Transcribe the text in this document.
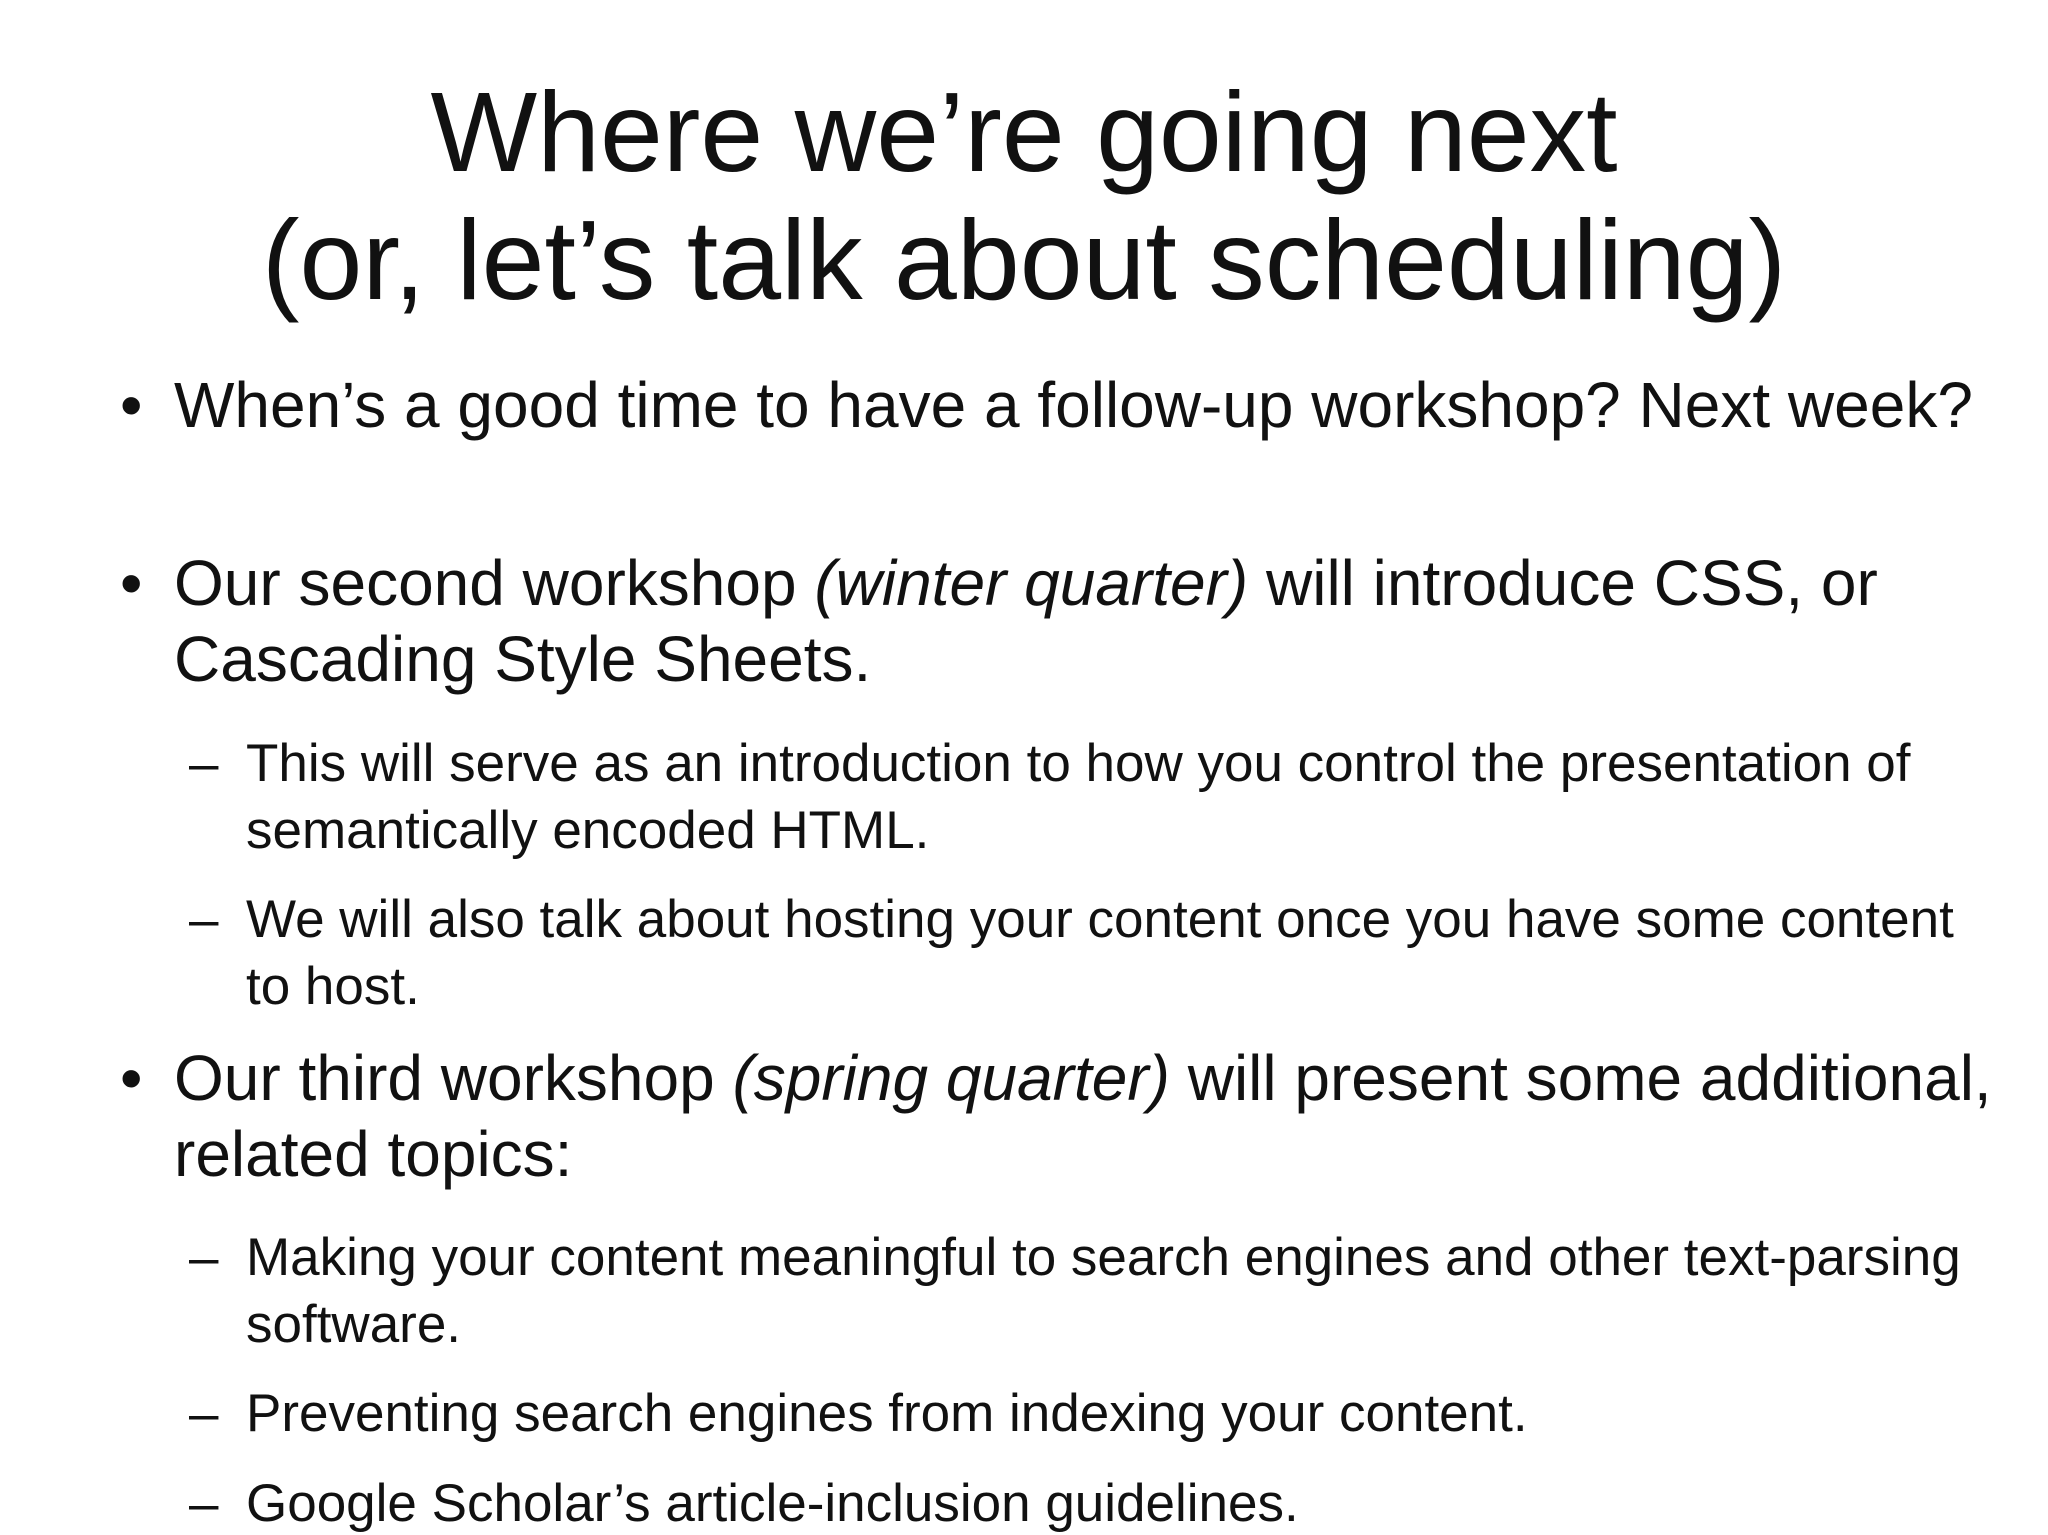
Where we’re going next
(or, let’s talk about scheduling)
• When’s a good time to have a follow-up workshop? Next week?
• Our second workshop (winter quarter) will introduce CSS, or Cascading Style Sheets.
– This will serve as an introduction to how you control the presentation of semantically encoded HTML.
– We will also talk about hosting your content once you have some content to host.
• Our third workshop (spring quarter) will present some additional, related topics:
– Making your content meaningful to search engines and other text-parsing software.
– Preventing search engines from indexing your content.
– Google Scholar’s article-inclusion guidelines.
